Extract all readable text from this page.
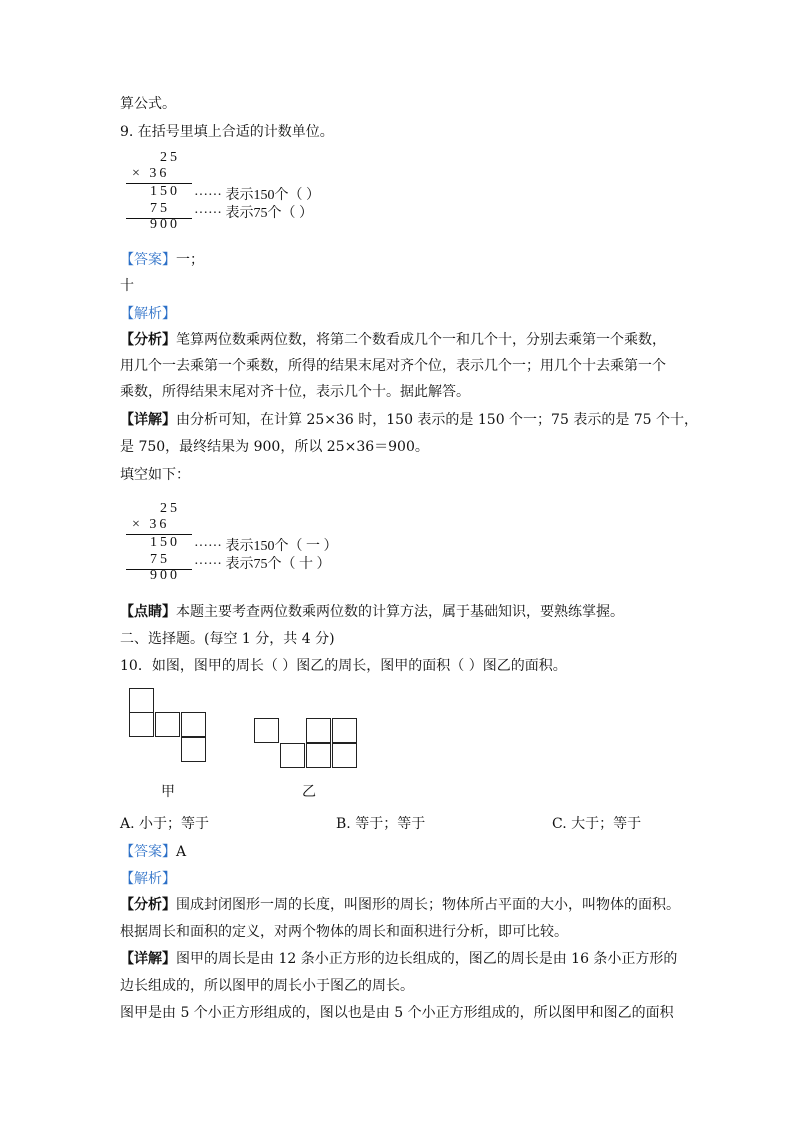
算公式。
9. 在括号里填上合适的计数单位。
25
× 36
150 ······ 表示150个（ ）
75 ······ 表示75个（ ）
900
【答案】一；
十
【解析】
【分析】笔算两位数乘两位数，将第二个数看成几个一和几个十，分别去乘第一个乘数，
用几个一去乘第一个乘数，所得的结果末尾对齐个位，表示几个一；用几个十去乘第一个
乘数，所得结果末尾对齐十位，表示几个十。据此解答。
【详解】由分析可知，在计算 25×36 时，150 表示的是 150 个一；75 表示的是 75 个十，
是 750，最终结果为 900，所以 25×36＝900。
填空如下：
25
× 36
150 ······ 表示150个（ 一 ）
75 ······ 表示75个（ 十 ）
900
【点睛】本题主要考查两位数乘两位数的计算方法，属于基础知识，要熟练掌握。
二、选择题。(每空 1 分，共 4 分)
10．如图，图甲的周长（ ）图乙的周长，图甲的面积（ ）图乙的面积。
甲	乙
A. 小于；等于	B. 等于；等于	C. 大于；等于
【答案】A
【解析】
【分析】围成封闭图形一周的长度，叫图形的周长；物体所占平面的大小，叫物体的面积。
根据周长和面积的定义，对两个物体的周长和面积进行分析，即可比较。
【详解】图甲的周长是由 12 条小正方形的边长组成的，图乙的周长是由 16 条小正方形的
边长组成的，所以图甲的周长小于图乙的周长。
图甲是由 5 个小正方形组成的，图以也是由 5 个小正方形组成的，所以图甲和图乙的面积
